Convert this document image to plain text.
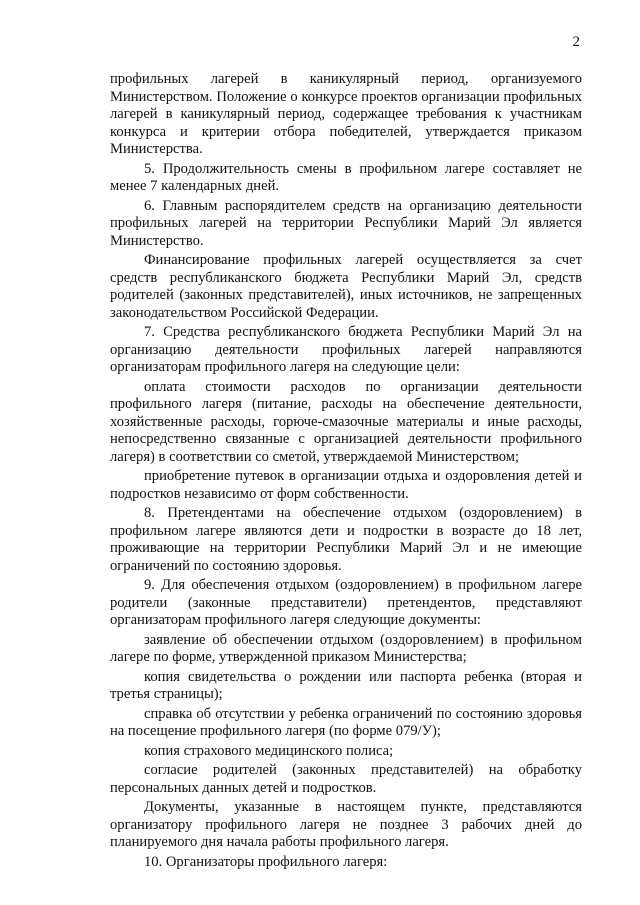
2

профильных лагерей в каникулярный период, организуемого Министерством. Положение о конкурсе проектов организации профильных лагерей в каникулярный период, содержащее требования к участникам конкурса и критерии отбора победителей, утверждается приказом Министерства.

5. Продолжительность смены в профильном лагере составляет не менее 7 календарных дней.

6. Главным распорядителем средств на организацию деятельности профильных лагерей на территории Республики Марий Эл является Министерство.

Финансирование профильных лагерей осуществляется за счет средств республиканского бюджета Республики Марий Эл, средств родителей (законных представителей), иных источников, не запрещенных законодательством Российской Федерации.

7. Средства республиканского бюджета Республики Марий Эл на организацию деятельности профильных лагерей направляются организаторам профильного лагеря на следующие цели:

оплата стоимости расходов по организации деятельности профильного лагеря (питание, расходы на обеспечение деятельности, хозяйственные расходы, горюче-смазочные материалы и иные расходы, непосредственно связанные с организацией деятельности профильного лагеря) в соответствии со сметой, утверждаемой Министерством;

приобретение путевок в организации отдыха и оздоровления детей и подростков независимо от форм собственности.

8. Претендентами на обеспечение отдыхом (оздоровлением) в профильном лагере являются дети и подростки в возрасте до 18 лет, проживающие на территории Республики Марий Эл и не имеющие ограничений по состоянию здоровья.

9. Для обеспечения отдыхом (оздоровлением) в профильном лагере родители (законные представители) претендентов, представляют организаторам профильного лагеря следующие документы:

заявление об обеспечении отдыхом (оздоровлением) в профильном лагере по форме, утвержденной приказом Министерства;

копия свидетельства о рождении или паспорта ребенка (вторая и третья страницы);

справка об отсутствии у ребенка ограничений по состоянию здоровья на посещение профильного лагеря (по форме 079/У);

копия страхового медицинского полиса;

согласие родителей (законных представителей) на обработку персональных данных детей и подростков.

Документы, указанные в настоящем пункте, представляются организатору профильного лагеря не позднее 3 рабочих дней до планируемого дня начала работы профильного лагеря.

10. Организаторы профильного лагеря:
